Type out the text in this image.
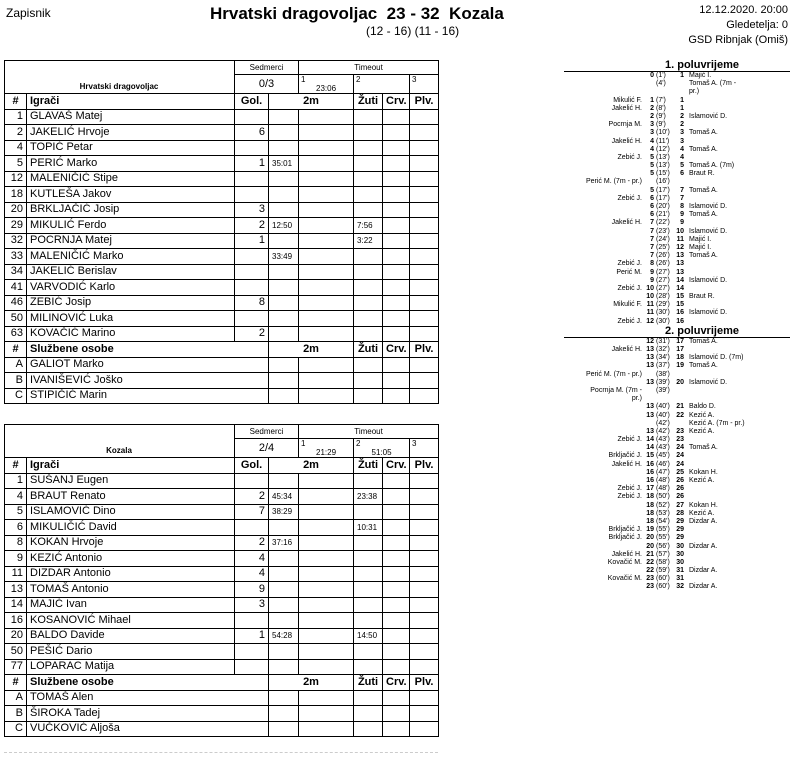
Zapisnik	Hrvatski dragovoljac  23 - 32  Kozala
(12 - 16) (11 - 16)
12.12.2020. 20:00
Gledetelja: 0
GSD Ribnjak (Omiš)
Hrvatski dragovoljac		Sedmerci		Timeout			
		0/3		1
23:06	2		3

#	Igrači	Gol.	2m		Žuti	Crv.	Plv.
1	GLAVAŠ Matej						
2	JAKELIĆ Hrvoje	6					
4	TOPIĆ Petar						
5	PERIĆ Marko	1	35:01				
12	MALENIČIĆ Stipe						
18	KUTLEŠA Jakov						
20	BRKLJAČIĆ Josip	3					
29	MIKULIĆ Ferdo	2	12:50		7:56		
32	POCRNJA Matej	1			3:22		
33	MALENIČIĆ Marko		33:49				
34	JAKELIĆ Berislav						
41	VARVODIĆ Karlo						
46	ZEBIĆ Josip	8					
50	MILINOVIĆ Luka						
63	KOVAČIĆ Marino	2					
#	Službene osobe		2m		Žuti	Crv.	Plv.
A	GALIOT Marko						
B	IVANIŠEVIĆ Joško						
C	STIPIČIĆ Marin						
Kozala		Sedmerci		Timeout			
		2/4		1
21:29	2
51:05		3

#	Igrači	Gol.	2m		Žuti	Crv.	Plv.
1	SUŠANJ Eugen						
4	BRAUT Renato	2	45:34		23:38		
5	ISLAMOVIĆ Dino	7	38:29				
6	MIKULIČIĆ David				10:31		
8	KOKAN Hrvoje	2	37:16				
9	KEZIĆ Antonio	4					
11	DIZDAR Antonio	4					
13	TOMAŠ Antonio	9					
14	MAJIĆ Ivan	3					
16	KOSANOVIĆ Mihael						
20	BALDO Davide	1	54:28		14:50		
50	PEŠIĆ Dario						
77	LOPARAC Matija						
#	Službene osobe		2m		Žuti	Crv.	Plv.
A	TOMAŠ Alen						
B	ŠIROKA Tadej						
C	VUČKOVIĆ Aljoša						
1. poluvrijeme
0 (1')	1 Majić I.
(4')	Tomaš A. (7m -
pr.)
Mikulić F.	1 (7')	1
Jakelić H.	2 (8')	1
2 (9')	2 Islamović D.
Pocrnja M.	3 (9')	2
3 (10')	3 Tomaš A.
Jakelić H.	4 (11')	3
4 (12')	4 Tomaš A.
Zebić J.	5 (13')	4
5 (13')	5 Tomaš A. (7m)
5 (15')	6 Braut R.
Perić M. (7m - pr.) (16')
5 (17')	7 Tomaš A.
Zebić J.	6 (17')	7
6 (20')	8 Islamović D.
6 (21')	9 Tomaš A.
Jakelić H.	7 (22')	9
7 (23') 10 Islamović D.
7 (24') 11 Majić I.
7 (25') 12 Majić I.
7 (26') 13 Tomaš A.
Zebić J.	8 (26') 13
Perić M.	9 (27') 13
9 (27') 14 Islamović D.
Zebić J. 10 (27') 14
10 (28') 15 Braut R.
Mikulić F. 11 (29') 15
11 (30') 16 Islamović D.
Zebić J. 12 (30') 16
2. poluvrijeme
12 (31') 17 Tomaš A.
Jakelić H. 13 (32') 17
13 (34') 18 Islamović D. (7m)
13 (37') 19 Tomaš A.
Perić M. (7m - pr.) (38')
13 (39') 20 Islamović D.
Pocrnja M. (7m - (39')
pr.)
13 (40') 21 Baldo D.
13 (40') 22 Kezić A.
(42')	Kezić A. (7m - pr.)
13 (42') 23 Kezić A.
Zebić J. 14 (43') 23
14 (43') 24 Tomaš A.
Brkljačić J. 15 (45') 24
Jakelić H. 16 (46') 24
16 (47') 25 Kokan H.
16 (48') 26 Kezić A.
Zebić J. 17 (48') 26
Zebić J. 18 (50') 26
18 (52') 27 Kokan H.
18 (53') 28 Kezić A.
18 (54') 29 Dizdar A.
Brkljačić J. 19 (55') 29
Brkljačić J. 20 (55') 29
20 (56') 30 Dizdar A.
Jakelić H. 21 (57') 30
Kovačić M. 22 (58') 30
22 (59') 31 Dizdar A.
Kovačić M. 23 (60') 31
23 (60') 32 Dizdar A.
